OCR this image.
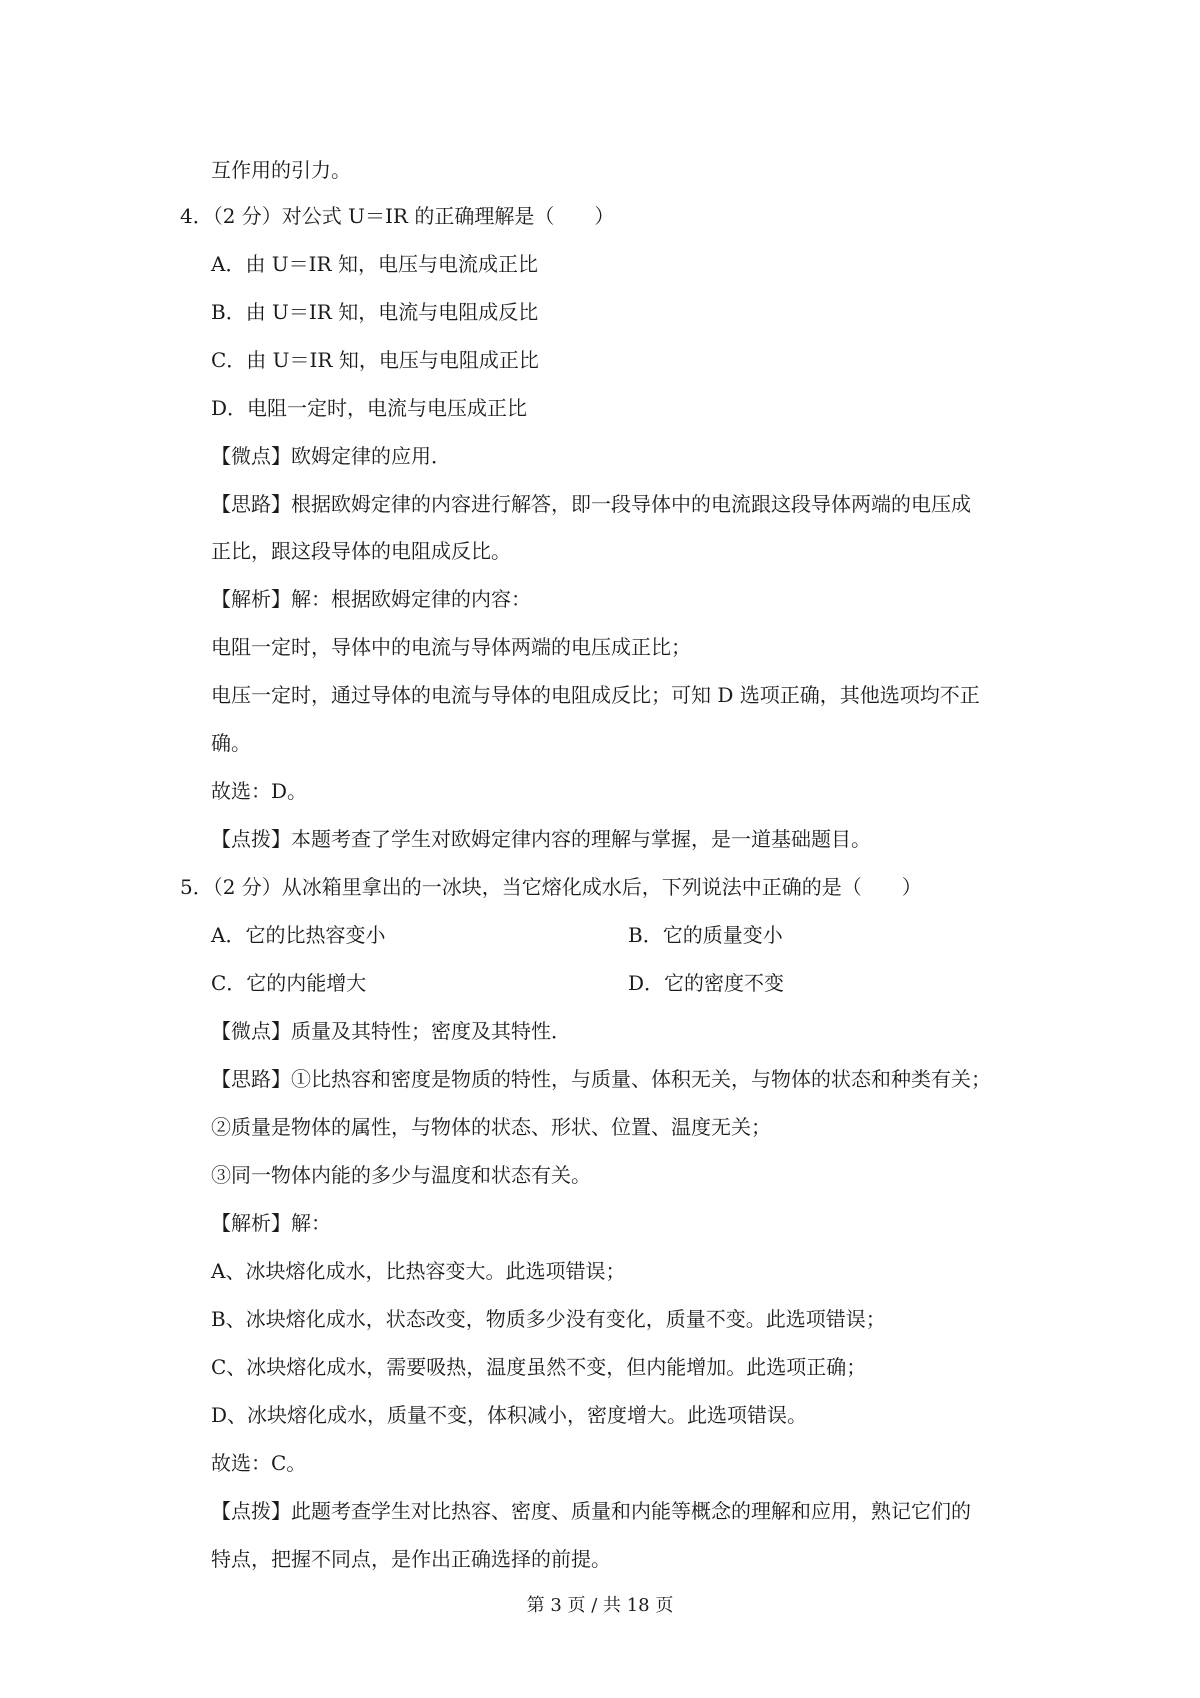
互作用的引力。
4．（2 分）对公式 U＝IR 的正确理解是（　　）
A．由 U＝IR 知，电压与电流成正比
B．由 U＝IR 知，电流与电阻成反比
C．由 U＝IR 知，电压与电阻成正比
D．电阻一定时，电流与电压成正比
【微点】欧姆定律的应用．
【思路】根据欧姆定律的内容进行解答，即一段导体中的电流跟这段导体两端的电压成
正比，跟这段导体的电阻成反比。
【解析】解：根据欧姆定律的内容：
电阻一定时，导体中的电流与导体两端的电压成正比；
电压一定时，通过导体的电流与导体的电阻成反比；可知 D 选项正确，其他选项均不正
确。
故选：D。
【点拨】本题考查了学生对欧姆定律内容的理解与掌握，是一道基础题目。
5．（2 分）从冰箱里拿出的一冰块，当它熔化成水后，下列说法中正确的是（　　）
A．它的比热容变小	B．它的质量变小
C．它的内能增大	D．它的密度不变
【微点】质量及其特性；密度及其特性．
【思路】①比热容和密度是物质的特性，与质量、体积无关，与物体的状态和种类有关；
②质量是物体的属性，与物体的状态、形状、位置、温度无关；
③同一物体内能的多少与温度和状态有关。
【解析】解：
A、冰块熔化成水，比热容变大。此选项错误；
B、冰块熔化成水，状态改变，物质多少没有变化，质量不变。此选项错误；
C、冰块熔化成水，需要吸热，温度虽然不变，但内能增加。此选项正确；
D、冰块熔化成水，质量不变，体积减小，密度增大。此选项错误。
故选：C。
【点拨】此题考查学生对比热容、密度、质量和内能等概念的理解和应用，熟记它们的
特点，把握不同点，是作出正确选择的前提。
第 3 页 / 共 18 页
